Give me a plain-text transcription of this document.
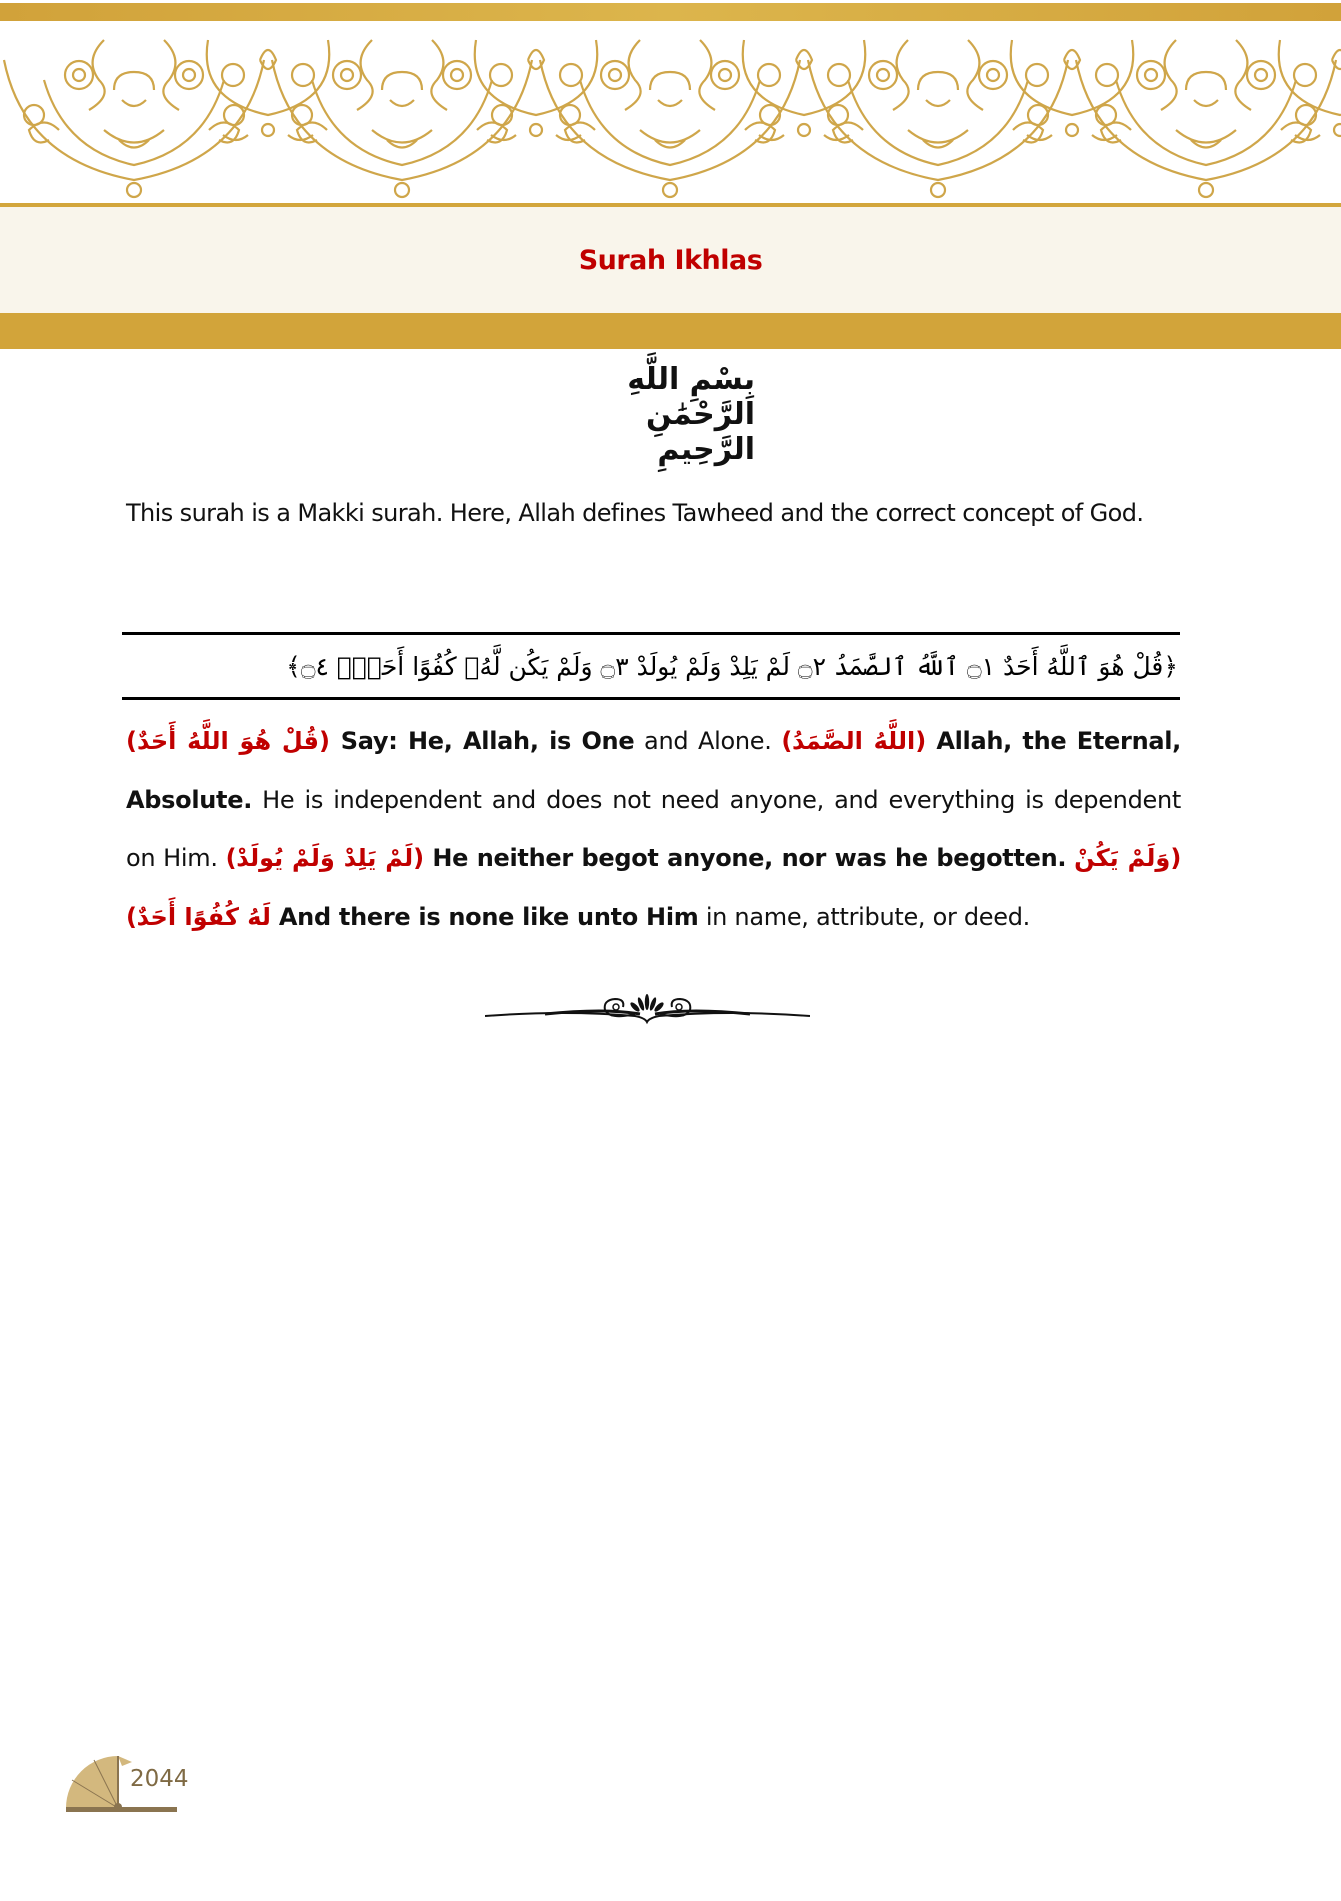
Surah Ikhlas
بِسْمِ اللَّهِ الرَّحْمَٰنِ الرَّحِيمِ
This surah is a Makki surah. Here, Allah defines Tawheed and the correct concept of God.
﴿قُلْ هُوَ ٱللَّهُ أَحَدٌ ۝١ ٱللَّهُ ٱلصَّمَدُ ۝٢ لَمْ يَلِدْ وَلَمْ يُولَدْ ۝٣ وَلَمْ يَكُن لَّهُۥ كُفُوًا أَحَدٌۢ ۝٤﴾
(قُلْ هُوَ اللَّهُ أَحَدٌ) Say: He, Allah, is One and Alone. (اللَّهُ الصَّمَدُ) Allah, the Eternal, Absolute. He is independent and does not need anyone, and everything is dependent on Him. (لَمْ يَلِدْ وَلَمْ يُولَدْ) He neither begot anyone, nor was he begotten. (وَلَمْ يَكُنْ لَهُ كُفُوًا أَحَدٌ) And there is none like unto Him in name, attribute, or deed.
2044
